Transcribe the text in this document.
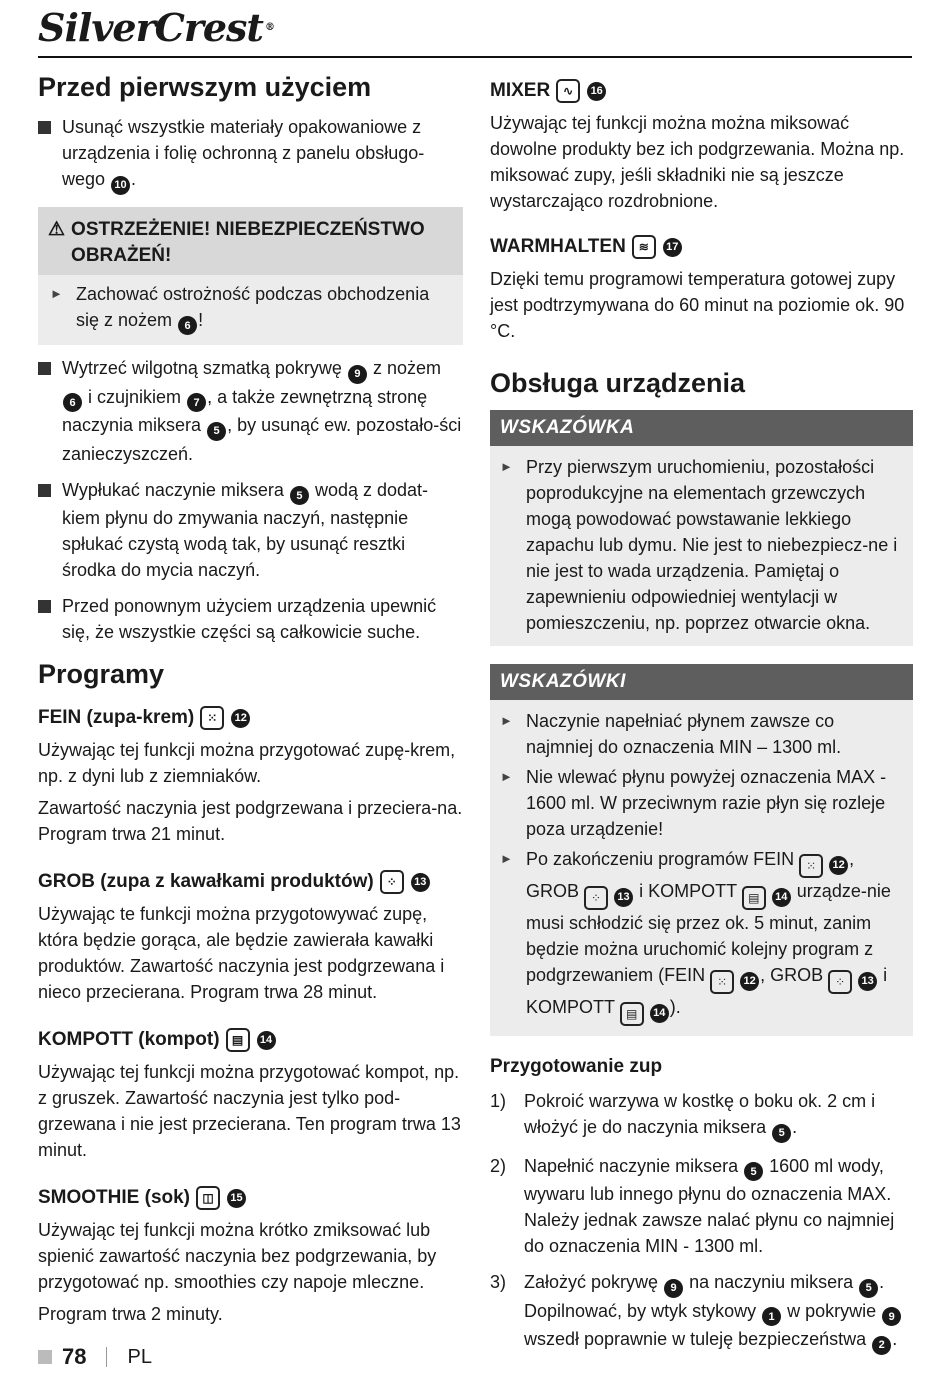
SilverCrest ®
Przed pierwszym użyciem
Usunąć wszystkie materiały opakowaniowe z urządzenia i folię ochronną z panelu obsługo-wego 10 .
⚠ OSTRZEŻENIE! NIEBEZPIECZEŃSTWO OBRAŻEŃ!
► Zachować ostrożność podczas obchodzenia się z nożem 6 !
Wytrzeć wilgotną szmatką pokrywę 9 z nożem 6 i czujnikiem 7 , a także zewnętrzną stronę naczynia miksera 5 , by usunąć ew. pozostało-ści zanieczyszczeń.
Wypłukać naczynie miksera 5 wodą z dodat-kiem płynu do zmywania naczyń, następnie spłukać czystą wodą tak, by usunąć resztki środka do mycia naczyń.
Przed ponownym użyciem urządzenia upewnić się, że wszystkie części są całkowicie suche.
Programy
FEIN (zupa-krem)	⁙	12

Używając tej funkcji można przygotować zupę-krem, np. z dyni lub z ziemniaków.

Zawartość naczynia jest podgrzewana i przeciera-na. Program trwa 21 minut.

GROB (zupa z kawałkami produktów)	⁘	13

Używając te funkcji można przygotowywać zupę, która będzie gorąca, ale będzie zawierała kawałki produktów. Zawartość naczynia jest podgrzewana i nieco przecierana. Program trwa 28 minut.

KOMPOTT (kompot)	▤	14

Używając tej funkcji można przygotować kompot, np. z gruszek. Zawartość naczynia jest tylko pod-grzewana i nie jest przecierana. Ten program trwa 13 minut.

SMOOTHIE (sok)	◫	15

Używając tej funkcji można krótko zmiksować lub spienić zawartość naczynia bez podgrzewania, by przygotować np. smoothies czy napoje mleczne.

Program trwa 2 minuty.

MIXER	∿	16

Używając tej funkcji można można miksować dowolne produkty bez ich podgrzewania. Można np. miksować zupy, jeśli składniki nie są jeszcze wystarczająco rozdrobnione.

WARMHALTEN	≋	17

Dzięki temu programowi temperatura gotowej zupy jest podtrzymywana do 60 minut na poziomie ok. 90 °C.

Obsługa urządzenia
WSKAZÓWKA
► Przy pierwszym uruchomieniu, pozostałości poprodukcyjne na elementach grzewczych mogą powodować powstawanie lekkiego zapachu lub dymu. Nie jest to niebezpiecz-ne i nie jest to wada urządzenia. Pamiętaj o zapewnieniu odpowiedniej wentylacji w pomieszczeniu, np. poprzez otwarcie okna.
WSKAZÓWKI
► Naczynie napełniać płynem zawsze co najmniej do oznaczenia MIN – 1300 ml.
► Nie wlewać płynu powyżej oznaczenia MAX - 1600 ml. W przeciwnym razie płyn się rozleje poza urządzenie!
► Po zakończeniu programów FEIN ⁙ 12 , GROB ⁘ 13 i KOMPOTT ▤ 14 urządze-nie musi schłodzić się przez ok. 5 minut, zanim będzie można uruchomić kolejny program z podgrzewaniem (FEIN ⁙ 12 , GROB ⁘ 13 i KOMPOTT ▤ 14 ).
Przygotowanie zup
1) Pokroić warzywa w kostkę o boku ok. 2 cm i włożyć je do naczynia miksera 5 .
2) Napełnić naczynie miksera 5 1600 ml wody, wywaru lub innego płynu do oznaczenia MAX. Należy jednak zawsze nalać płynu co najmniej do oznaczenia MIN - 1300 ml.
3) Założyć pokrywę 9 na naczyniu miksera 5 . Dopilnować, by wtyk stykowy 1 w pokrywie 9 wszedł poprawnie w tuleję bezpieczeństwa 2 .
78 PL
